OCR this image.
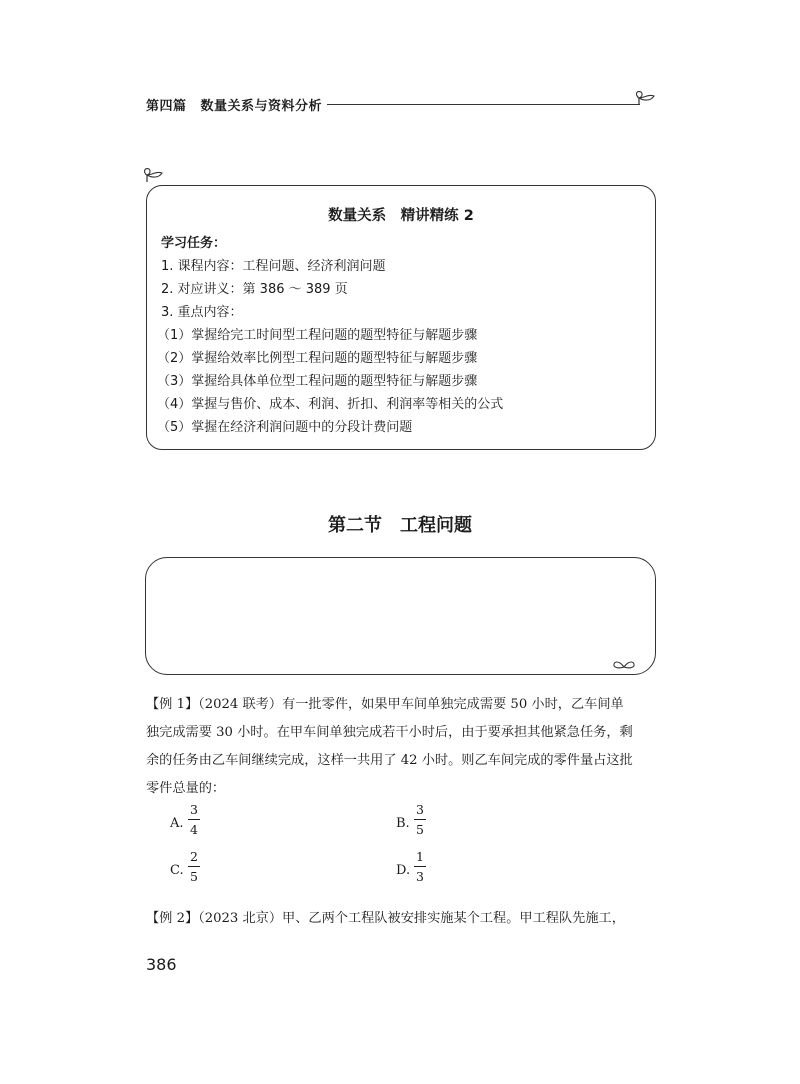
第四篇 数量关系与资料分析
数量关系　精讲精练 2
学习任务：
1. 课程内容：工程问题、经济利润问题
2. 对应讲义：第 386 ～ 389 页
3. 重点内容：
（1）掌握给完工时间型工程问题的题型特征与解题步骤
（2）掌握给效率比例型工程问题的题型特征与解题步骤
（3）掌握给具体单位型工程问题的题型特征与解题步骤
（4）掌握与售价、成本、利润、折扣、利润率等相关的公式
（5）掌握在经济利润问题中的分段计费问题
第二节 工程问题
【例 1】（2024 联考）有一批零件，如果甲车间单独完成需要 50 小时，乙车间单
独完成需要 30 小时。在甲车间单独完成若干小时后，由于要承担其他紧急任务，剩
余的任务由乙车间继续完成，这样一共用了 42 小时。则乙车间完成的零件量占这批
零件总量的：
A.
3
4	B.
3
5
C.
2
5	D.
1
3
【例 2】（2023 北京）甲、乙两个工程队被安排实施某个工程。甲工程队先施工，
386
